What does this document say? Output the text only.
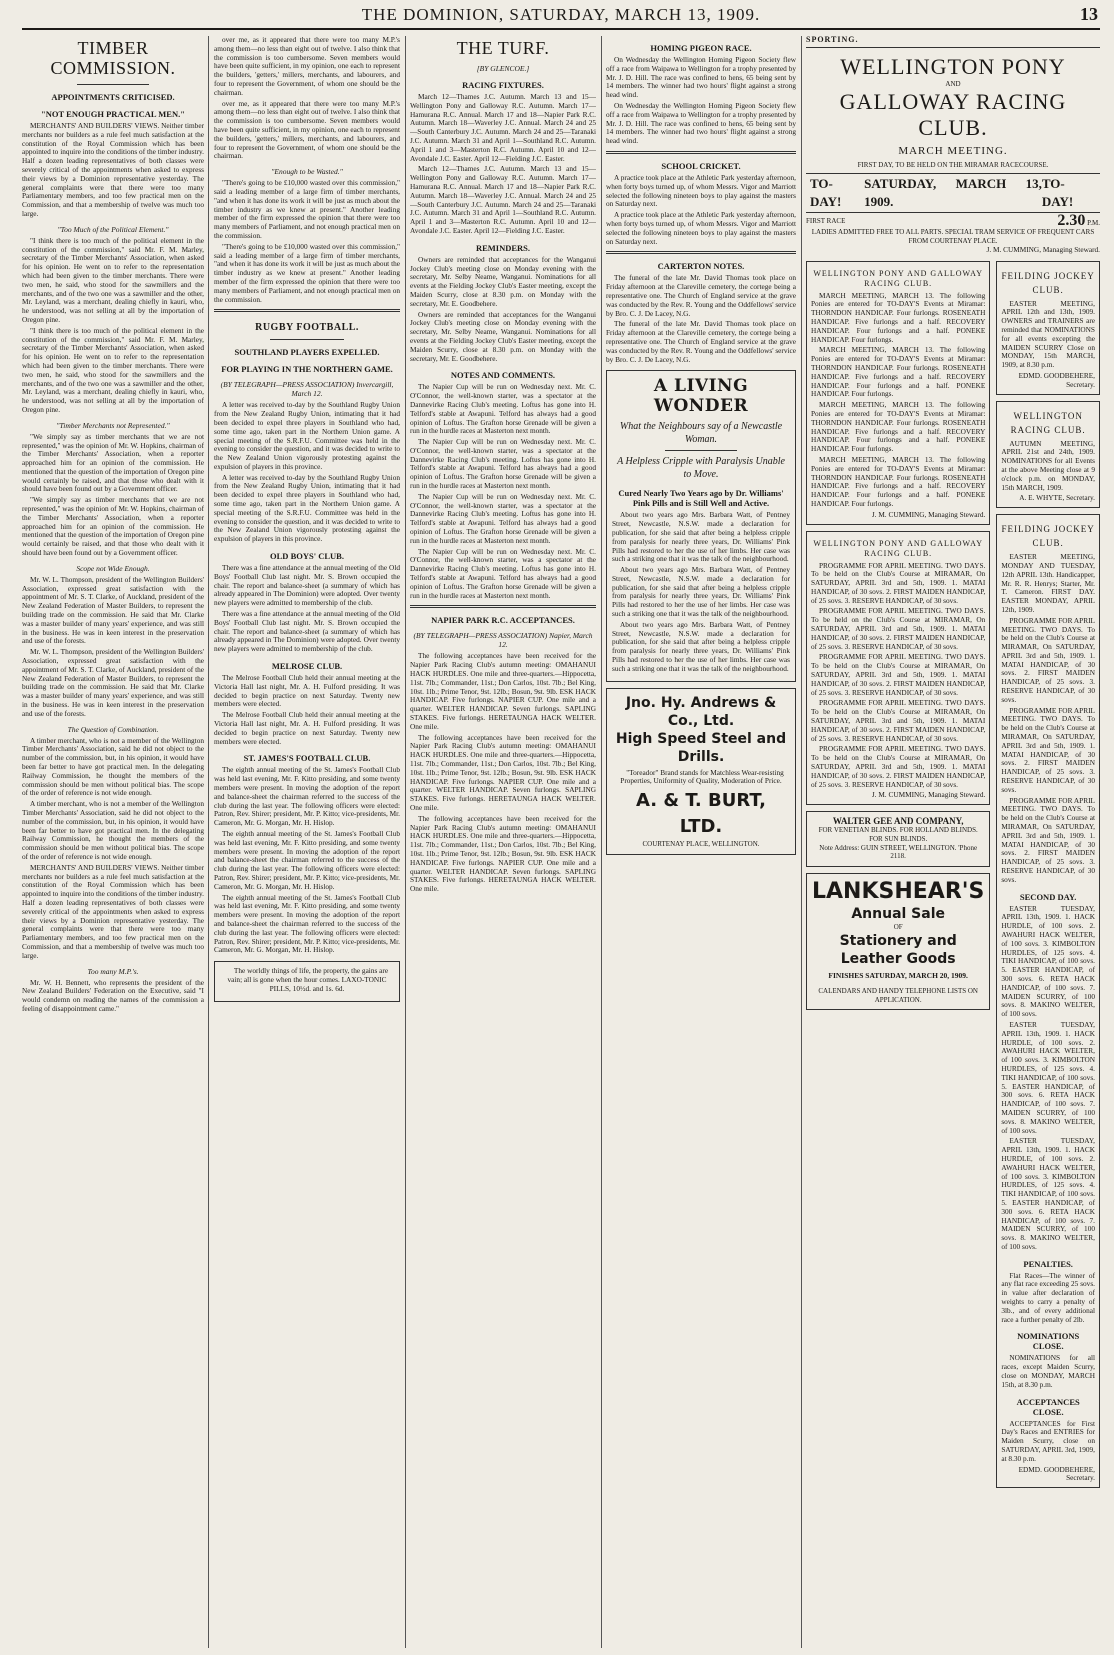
THE DOMINION, SATURDAY, MARCH 13, 1909.	13
TIMBER COMMISSION.
APPOINTMENTS CRITICISED.
"NOT ENOUGH PRACTICAL MEN."

MERCHANTS' AND BUILDERS' VIEWS. Neither timber merchants nor builders as a rule feel much satisfaction at the constitution of the Royal Commission which has been appointed to inquire into the conditions of the timber industry. Half a dozen leading representatives of both classes were severely critical of the appointments when asked to express their views by a Dominion representative yesterday. The general complaints were that there were too many Parliamentary members, and too few practical men on the Commission, and that a membership of twelve was much too large.

"Too Much of the Political Element."

"I think there is too much of the political element in the constitution of the commission," said Mr. F. M. Marley, secretary of the Timber Merchants' Association, when asked for his opinion. He went on to refer to the representation which had been given to the timber merchants. There were two men, he said, who stood for the sawmillers and the merchants, and of the two one was a sawmiller and the other, Mr. Leyland, was a merchant, dealing chiefly in kauri, who, he understood, was not selling at all by the importation of Oregon pine.

"I think there is too much of the political element in the constitution of the commission," said Mr. F. M. Marley, secretary of the Timber Merchants' Association, when asked for his opinion. He went on to refer to the representation which had been given to the timber merchants. There were two men, he said, who stood for the sawmillers and the merchants, and of the two one was a sawmiller and the other, Mr. Leyland, was a merchant, dealing chiefly in kauri, who, he understood, was not selling at all by the importation of Oregon pine.

"Timber Merchants not Represented."

"We simply say as timber merchants that we are not represented," was the opinion of Mr. W. Hopkins, chairman of the Timber Merchants' Association, when a reporter approached him for an opinion of the commission. He mentioned that the question of the importation of Oregon pine would certainly be raised, and that those who dealt with it should have been found out by a Government officer.

"We simply say as timber merchants that we are not represented," was the opinion of Mr. W. Hopkins, chairman of the Timber Merchants' Association, when a reporter approached him for an opinion of the commission. He mentioned that the question of the importation of Oregon pine would certainly be raised, and that those who dealt with it should have been found out by a Government officer.

Scope not Wide Enough.

Mr. W. L. Thompson, president of the Wellington Builders' Association, expressed great satisfaction with the appointment of Mr. S. T. Clarke, of Auckland, president of the New Zealand Federation of Master Builders, to represent the building trade on the commission. He said that Mr. Clarke was a master builder of many years' experience, and was still in the business. He was in keen interest in the preservation and use of the forests.

Mr. W. L. Thompson, president of the Wellington Builders' Association, expressed great satisfaction with the appointment of Mr. S. T. Clarke, of Auckland, president of the New Zealand Federation of Master Builders, to represent the building trade on the commission. He said that Mr. Clarke was a master builder of many years' experience, and was still in the business. He was in keen interest in the preservation and use of the forests.

The Question of Combination.

A timber merchant, who is not a member of the Wellington Timber Merchants' Association, said he did not object to the number of the commission, but, in his opinion, it would have been far better to have got practical men. In the delegating Railway Commission, he thought the members of the commission should be men without political bias. The scope of the order of reference is not wide enough.

A timber merchant, who is not a member of the Wellington Timber Merchants' Association, said he did not object to the number of the commission, but, in his opinion, it would have been far better to have got practical men. In the delegating Railway Commission, he thought the members of the commission should be men without political bias. The scope of the order of reference is not wide enough.

MERCHANTS' AND BUILDERS' VIEWS. Neither timber merchants nor builders as a rule feel much satisfaction at the constitution of the Royal Commission which has been appointed to inquire into the conditions of the timber industry. Half a dozen leading representatives of both classes were severely critical of the appointments when asked to express their views by a Dominion representative yesterday. The general complaints were that there were too many Parliamentary members, and too few practical men on the Commission, and that a membership of twelve was much too large.

Too many M.P.'s.

Mr. W. H. Bennett, who represents the president of the New Zealand Builders' Federation on the Executive, said "I would condemn on reading the names of the commission a feeling of disappointment came."

over me, as it appeared that there were too many M.P.'s among them—no less than eight out of twelve. I also think that the commission is too cumbersome. Seven members would have been quite sufficient, in my opinion, one each to represent the builders, 'getters,' millers, merchants, and labourers, and four to represent the Government, of whom one should be the chairman.

over me, as it appeared that there were too many M.P.'s among them—no less than eight out of twelve. I also think that the commission is too cumbersome. Seven members would have been quite sufficient, in my opinion, one each to represent the builders, 'getters,' millers, merchants, and labourers, and four to represent the Government, of whom one should be the chairman.

"Enough to be Wasted."

"There's going to be £10,000 wasted over this commission," said a leading member of a large firm of timber merchants, "and when it has done its work it will be just as much about the timber industry as we knew at present." Another leading member of the firm expressed the opinion that there were too many members of Parliament, and not enough practical men on the commission.

"There's going to be £10,000 wasted over this commission," said a leading member of a large firm of timber merchants, "and when it has done its work it will be just as much about the timber industry as we knew at present." Another leading member of the firm expressed the opinion that there were too many members of Parliament, and not enough practical men on the commission.

RUGBY FOOTBALL.
SOUTHLAND PLAYERS EXPELLED.
FOR PLAYING IN THE NORTHERN GAME.
(BY TELEGRAPH—PRESS ASSOCIATION) Invercargill, March 12.

A letter was received to-day by the Southland Rugby Union from the New Zealand Rugby Union, intimating that it had been decided to expel three players in Southland who had, some time ago, taken part in the Northern Union game. A special meeting of the S.R.F.U. Committee was held in the evening to consider the question, and it was decided to write to the New Zealand Union vigorously protesting against the expulsion of players in this province.

A letter was received to-day by the Southland Rugby Union from the New Zealand Rugby Union, intimating that it had been decided to expel three players in Southland who had, some time ago, taken part in the Northern Union game. A special meeting of the S.R.F.U. Committee was held in the evening to consider the question, and it was decided to write to the New Zealand Union vigorously protesting against the expulsion of players in this province.

OLD BOYS' CLUB.

There was a fine attendance at the annual meeting of the Old Boys' Football Club last night. Mr. S. Brown occupied the chair. The report and balance-sheet (a summary of which has already appeared in The Dominion) were adopted. Over twenty new players were admitted to membership of the club.

There was a fine attendance at the annual meeting of the Old Boys' Football Club last night. Mr. S. Brown occupied the chair. The report and balance-sheet (a summary of which has already appeared in The Dominion) were adopted. Over twenty new players were admitted to membership of the club.

MELROSE CLUB.

The Melrose Football Club held their annual meeting at the Victoria Hall last night, Mr. A. H. Fulford presiding. It was decided to begin practice on next Saturday. Twenty new members were elected.

The Melrose Football Club held their annual meeting at the Victoria Hall last night, Mr. A. H. Fulford presiding. It was decided to begin practice on next Saturday. Twenty new members were elected.

ST. JAMES'S FOOTBALL CLUB.

The eighth annual meeting of the St. James's Football Club was held last evening, Mr. F. Kitto presiding, and some twenty members were present. In moving the adoption of the report and balance-sheet the chairman referred to the success of the club during the last year. The following officers were elected: Patron, Rev. Shirer; president, Mr. P. Kitto; vice-presidents, Mr. Cameron, Mr. G. Morgan, Mr. H. Hislop.

The eighth annual meeting of the St. James's Football Club was held last evening, Mr. F. Kitto presiding, and some twenty members were present. In moving the adoption of the report and balance-sheet the chairman referred to the success of the club during the last year. The following officers were elected: Patron, Rev. Shirer; president, Mr. P. Kitto; vice-presidents, Mr. Cameron, Mr. G. Morgan, Mr. H. Hislop.

The eighth annual meeting of the St. James's Football Club was held last evening, Mr. F. Kitto presiding, and some twenty members were present. In moving the adoption of the report and balance-sheet the chairman referred to the success of the club during the last year. The following officers were elected: Patron, Rev. Shirer; president, Mr. P. Kitto; vice-presidents, Mr. Cameron, Mr. G. Morgan, Mr. H. Hislop.

The worldly things of life, the property, the gains are vain; all is gone when the hour comes. LAXO-TONIC PILLS, 10½d. and 1s. 6d.

THE TURF.
[BY GLENCOE.]
RACING FIXTURES.

March 12—Thames J.C. Autumn. March 13 and 15—Wellington Pony and Galloway R.C. Autumn. March 17—Hamurana R.C. Annual. March 17 and 18—Napier Park R.C. Autumn. March 18—Waverley J.C. Annual. March 24 and 25—South Canterbury J.C. Autumn. March 24 and 25—Taranaki J.C. Autumn. March 31 and April 1—Southland R.C. Autumn. April 1 and 3—Masterton R.C. Autumn. April 10 and 12—Avondale J.C. Easter. April 12—Fielding J.C. Easter.

March 12—Thames J.C. Autumn. March 13 and 15—Wellington Pony and Galloway R.C. Autumn. March 17—Hamurana R.C. Annual. March 17 and 18—Napier Park R.C. Autumn. March 18—Waverley J.C. Annual. March 24 and 25—South Canterbury J.C. Autumn. March 24 and 25—Taranaki J.C. Autumn. March 31 and April 1—Southland R.C. Autumn. April 1 and 3—Masterton R.C. Autumn. April 10 and 12—Avondale J.C. Easter. April 12—Fielding J.C. Easter.

REMINDERS.

Owners are reminded that acceptances for the Wanganui Jockey Club's meeting close on Monday evening with the secretary, Mr. Selby Neame, Wanganui. Nominations for all events at the Fielding Jockey Club's Easter meeting, except the Maiden Scurry, close at 8.30 p.m. on Monday with the secretary, Mr. E. Goodbehere.

Owners are reminded that acceptances for the Wanganui Jockey Club's meeting close on Monday evening with the secretary, Mr. Selby Neame, Wanganui. Nominations for all events at the Fielding Jockey Club's Easter meeting, except the Maiden Scurry, close at 8.30 p.m. on Monday with the secretary, Mr. E. Goodbehere.

NOTES AND COMMENTS.

The Napier Cup will be run on Wednesday next. Mr. C. O'Connor, the well-known starter, was a spectator at the Dannevirke Racing Club's meeting. Loftus has gone into H. Telford's stable at Awapuni. Telford has always had a good opinion of Loftus. The Grafton horse Grenade will be given a run in the hurdle races at Masterton next month.

The Napier Cup will be run on Wednesday next. Mr. C. O'Connor, the well-known starter, was a spectator at the Dannevirke Racing Club's meeting. Loftus has gone into H. Telford's stable at Awapuni. Telford has always had a good opinion of Loftus. The Grafton horse Grenade will be given a run in the hurdle races at Masterton next month.

The Napier Cup will be run on Wednesday next. Mr. C. O'Connor, the well-known starter, was a spectator at the Dannevirke Racing Club's meeting. Loftus has gone into H. Telford's stable at Awapuni. Telford has always had a good opinion of Loftus. The Grafton horse Grenade will be given a run in the hurdle races at Masterton next month.

The Napier Cup will be run on Wednesday next. Mr. C. O'Connor, the well-known starter, was a spectator at the Dannevirke Racing Club's meeting. Loftus has gone into H. Telford's stable at Awapuni. Telford has always had a good opinion of Loftus. The Grafton horse Grenade will be given a run in the hurdle races at Masterton next month.

NAPIER PARK R.C. ACCEPTANCES.
(BY TELEGRAPH—PRESS ASSOCIATION) Napier, March 12.

The following acceptances have been received for the Napier Park Racing Club's autumn meeting: OMAHANUI HACK HURDLES. One mile and three-quarters.—Hippocetta, 11st. 7lb.; Commander, 11st.; Don Carlos, 10st. 7lb.; Bel King, 10st. 1lb.; Prime Tenor, 9st. 12lb.; Bosun, 9st. 9lb. ESK HACK HANDICAP. Five furlongs. NAPIER CUP. One mile and a quarter. WELTER HANDICAP. Seven furlongs. SAPLING STAKES. Five furlongs. HERETAUNGA HACK WELTER. One mile.

The following acceptances have been received for the Napier Park Racing Club's autumn meeting: OMAHANUI HACK HURDLES. One mile and three-quarters.—Hippocetta, 11st. 7lb.; Commander, 11st.; Don Carlos, 10st. 7lb.; Bel King, 10st. 1lb.; Prime Tenor, 9st. 12lb.; Bosun, 9st. 9lb. ESK HACK HANDICAP. Five furlongs. NAPIER CUP. One mile and a quarter. WELTER HANDICAP. Seven furlongs. SAPLING STAKES. Five furlongs. HERETAUNGA HACK WELTER. One mile.

The following acceptances have been received for the Napier Park Racing Club's autumn meeting: OMAHANUI HACK HURDLES. One mile and three-quarters.—Hippocetta, 11st. 7lb.; Commander, 11st.; Don Carlos, 10st. 7lb.; Bel King, 10st. 1lb.; Prime Tenor, 9st. 12lb.; Bosun, 9st. 9lb. ESK HACK HANDICAP. Five furlongs. NAPIER CUP. One mile and a quarter. WELTER HANDICAP. Seven furlongs. SAPLING STAKES. Five furlongs. HERETAUNGA HACK WELTER. One mile.

HOMING PIGEON RACE.

On Wednesday the Wellington Homing Pigeon Society flew off a race from Waipawa to Wellington for a trophy presented by Mr. J. D. Hill. The race was confined to hens, 65 being sent by 14 members. The winner had two hours' flight against a strong head wind.

On Wednesday the Wellington Homing Pigeon Society flew off a race from Waipawa to Wellington for a trophy presented by Mr. J. D. Hill. The race was confined to hens, 65 being sent by 14 members. The winner had two hours' flight against a strong head wind.

SCHOOL CRICKET.

A practice took place at the Athletic Park yesterday afternoon, when forty boys turned up, of whom Messrs. Vigor and Marriott selected the following nineteen boys to play against the masters on Saturday next.

A practice took place at the Athletic Park yesterday afternoon, when forty boys turned up, of whom Messrs. Vigor and Marriott selected the following nineteen boys to play against the masters on Saturday next.

CARTERTON NOTES.

The funeral of the late Mr. David Thomas took place on Friday afternoon at the Clareville cemetery, the cortege being a representative one. The Church of England service at the grave was conducted by the Rev. R. Young and the Oddfellows' service by Bro. C. J. De Lacey, N.G.

The funeral of the late Mr. David Thomas took place on Friday afternoon at the Clareville cemetery, the cortege being a representative one. The Church of England service at the grave was conducted by the Rev. R. Young and the Oddfellows' service by Bro. C. J. De Lacey, N.G.

A LIVING WONDER
What the Neighbours say of a Newcastle Woman.
A Helpless Cripple with Paralysis Unable to Move.
Cured Nearly Two Years ago by Dr. Williams' Pink Pills and is Still Well and Active.

About two years ago Mrs. Barbara Watt, of Pentney Street, Newcastle, N.S.W. made a declaration for publication, for she said that after being a helpless cripple from paralysis for nearly three years, Dr. Williams' Pink Pills had restored to her the use of her limbs. Her case was such a striking one that it was the talk of the neighbourhood.

About two years ago Mrs. Barbara Watt, of Pentney Street, Newcastle, N.S.W. made a declaration for publication, for she said that after being a helpless cripple from paralysis for nearly three years, Dr. Williams' Pink Pills had restored to her the use of her limbs. Her case was such a striking one that it was the talk of the neighbourhood.

About two years ago Mrs. Barbara Watt, of Pentney Street, Newcastle, N.S.W. made a declaration for publication, for she said that after being a helpless cripple from paralysis for nearly three years, Dr. Williams' Pink Pills had restored to her the use of her limbs. Her case was such a striking one that it was the talk of the neighbourhood.

Jno. Hy. Andrews & Co., Ltd.
High Speed Steel and Drills.

"Toreador" Brand stands for Matchless Wear-resisting Properties, Uniformity of Quality, Moderation of Price.

A. & T. BURT, LTD.
COURTENAY PLACE, WELLINGTON.
SPORTING.
WELLINGTON PONY
AND
GALLOWAY RACING CLUB.
MARCH MEETING.
FIRST DAY, TO BE HELD ON THE MIRAMAR RACECOURSE.
TO-DAY!
SATURDAY, MARCH 13, 1909.
TO-DAY!
FIRST RACE	2.30 P.M.
LADIES ADMITTED FREE TO ALL PARTS. SPECIAL TRAM SERVICE OF FREQUENT CARS FROM COURTENAY PLACE.
J. M. CUMMING, Managing Steward.
WELLINGTON PONY AND GALLOWAY RACING CLUB.

MARCH MEETING, MARCH 13. The following Ponies are entered for TO-DAY'S Events at Miramar: THORNDON HANDICAP. Four furlongs. ROSENEATH HANDICAP. Five furlongs and a half. RECOVERY HANDICAP. Four furlongs and a half. PONEKE HANDICAP. Four furlongs.

MARCH MEETING, MARCH 13. The following Ponies are entered for TO-DAY'S Events at Miramar: THORNDON HANDICAP. Four furlongs. ROSENEATH HANDICAP. Five furlongs and a half. RECOVERY HANDICAP. Four furlongs and a half. PONEKE HANDICAP. Four furlongs.

MARCH MEETING, MARCH 13. The following Ponies are entered for TO-DAY'S Events at Miramar: THORNDON HANDICAP. Four furlongs. ROSENEATH HANDICAP. Five furlongs and a half. RECOVERY HANDICAP. Four furlongs and a half. PONEKE HANDICAP. Four furlongs.

MARCH MEETING, MARCH 13. The following Ponies are entered for TO-DAY'S Events at Miramar: THORNDON HANDICAP. Four furlongs. ROSENEATH HANDICAP. Five furlongs and a half. RECOVERY HANDICAP. Four furlongs and a half. PONEKE HANDICAP. Four furlongs.

J. M. CUMMING, Managing Steward.
WELLINGTON PONY AND GALLOWAY RACING CLUB.

PROGRAMME FOR APRIL MEETING. TWO DAYS. To be held on the Club's Course at MIRAMAR, On SATURDAY, APRIL 3rd and 5th, 1909. 1. MATAI HANDICAP, of 30 sovs. 2. FIRST MAIDEN HANDICAP, of 25 sovs. 3. RESERVE HANDICAP, of 30 sovs.

PROGRAMME FOR APRIL MEETING. TWO DAYS. To be held on the Club's Course at MIRAMAR, On SATURDAY, APRIL 3rd and 5th, 1909. 1. MATAI HANDICAP, of 30 sovs. 2. FIRST MAIDEN HANDICAP, of 25 sovs. 3. RESERVE HANDICAP, of 30 sovs.

PROGRAMME FOR APRIL MEETING. TWO DAYS. To be held on the Club's Course at MIRAMAR, On SATURDAY, APRIL 3rd and 5th, 1909. 1. MATAI HANDICAP, of 30 sovs. 2. FIRST MAIDEN HANDICAP, of 25 sovs. 3. RESERVE HANDICAP, of 30 sovs.

PROGRAMME FOR APRIL MEETING. TWO DAYS. To be held on the Club's Course at MIRAMAR, On SATURDAY, APRIL 3rd and 5th, 1909. 1. MATAI HANDICAP, of 30 sovs. 2. FIRST MAIDEN HANDICAP, of 25 sovs. 3. RESERVE HANDICAP, of 30 sovs.

PROGRAMME FOR APRIL MEETING. TWO DAYS. To be held on the Club's Course at MIRAMAR, On SATURDAY, APRIL 3rd and 5th, 1909. 1. MATAI HANDICAP, of 30 sovs. 2. FIRST MAIDEN HANDICAP, of 25 sovs. 3. RESERVE HANDICAP, of 30 sovs.

J. M. CUMMING, Managing Steward.
WALTER GEE AND COMPANY,
FOR VENETIAN BLINDS. FOR HOLLAND BLINDS. FOR SUN BLINDS.
Note Address: GUIN STREET, WELLINGTON. 'Phone 2118.
LANKSHEAR'S
Annual Sale
OF
Stationery and Leather Goods
FINISHES SATURDAY, MARCH 20, 1909.
CALENDARS AND HANDY TELEPHONE LISTS ON APPLICATION.
FEILDING JOCKEY CLUB.

EASTER MEETING, APRIL 12th and 13th, 1909. OWNERS and TRAINERS are reminded that NOMINATIONS for all events excepting the MAIDEN SCURRY Close on MONDAY, 15th MARCH, 1909, at 8.30 p.m.

EDMD. GOODBEHERE, Secretary.
WELLINGTON RACING CLUB.

AUTUMN MEETING, APRIL 21st and 24th, 1909. NOMINATIONS for all Events at the above Meeting close at 9 o'clock p.m. on MONDAY, 15th MARCH, 1909.

A. E. WHYTE, Secretary.
FEILDING JOCKEY CLUB.

EASTER MEETING, MONDAY AND TUESDAY, 12th APRIL 13th. Handicapper, Mr. R. R. Henrys; Starter, Mr. T. Cameron. FIRST DAY. EASTER MONDAY, APRIL 12th, 1909.

PROGRAMME FOR APRIL MEETING. TWO DAYS. To be held on the Club's Course at MIRAMAR, On SATURDAY, APRIL 3rd and 5th, 1909. 1. MATAI HANDICAP, of 30 sovs. 2. FIRST MAIDEN HANDICAP, of 25 sovs. 3. RESERVE HANDICAP, of 30 sovs.

PROGRAMME FOR APRIL MEETING. TWO DAYS. To be held on the Club's Course at MIRAMAR, On SATURDAY, APRIL 3rd and 5th, 1909. 1. MATAI HANDICAP, of 30 sovs. 2. FIRST MAIDEN HANDICAP, of 25 sovs. 3. RESERVE HANDICAP, of 30 sovs.

PROGRAMME FOR APRIL MEETING. TWO DAYS. To be held on the Club's Course at MIRAMAR, On SATURDAY, APRIL 3rd and 5th, 1909. 1. MATAI HANDICAP, of 30 sovs. 2. FIRST MAIDEN HANDICAP, of 25 sovs. 3. RESERVE HANDICAP, of 30 sovs.

SECOND DAY.

EASTER TUESDAY, APRIL 13th, 1909. 1. HACK HURDLE, of 100 sovs. 2. AWAHURI HACK WELTER, of 100 sovs. 3. KIMBOLTON HURDLES, of 125 sovs. 4. TIKI HANDICAP, of 100 sovs. 5. EASTER HANDICAP, of 300 sovs. 6. RETA HACK HANDICAP, of 100 sovs. 7. MAIDEN SCURRY, of 100 sovs. 8. MAKINO WELTER, of 100 sovs.

EASTER TUESDAY, APRIL 13th, 1909. 1. HACK HURDLE, of 100 sovs. 2. AWAHURI HACK WELTER, of 100 sovs. 3. KIMBOLTON HURDLES, of 125 sovs. 4. TIKI HANDICAP, of 100 sovs. 5. EASTER HANDICAP, of 300 sovs. 6. RETA HACK HANDICAP, of 100 sovs. 7. MAIDEN SCURRY, of 100 sovs. 8. MAKINO WELTER, of 100 sovs.

EASTER TUESDAY, APRIL 13th, 1909. 1. HACK HURDLE, of 100 sovs. 2. AWAHURI HACK WELTER, of 100 sovs. 3. KIMBOLTON HURDLES, of 125 sovs. 4. TIKI HANDICAP, of 100 sovs. 5. EASTER HANDICAP, of 300 sovs. 6. RETA HACK HANDICAP, of 100 sovs. 7. MAIDEN SCURRY, of 100 sovs. 8. MAKINO WELTER, of 100 sovs.

PENALTIES.

Flat Races—The winner of any flat race exceeding 25 sovs. in value after declaration of weights to carry a penalty of 3lb., and of every additional race a further penalty of 2lb.

NOMINATIONS CLOSE.

NOMINATIONS for all races, except Maiden Scurry, close on MONDAY, MARCH 15th, at 8.30 p.m.

ACCEPTANCES CLOSE.

ACCEPTANCES for First Day's Races and ENTRIES for Maiden Scurry, close on SATURDAY, APRIL 3rd, 1909, at 8.30 p.m.

EDMD. GOODBEHERE, Secretary.
